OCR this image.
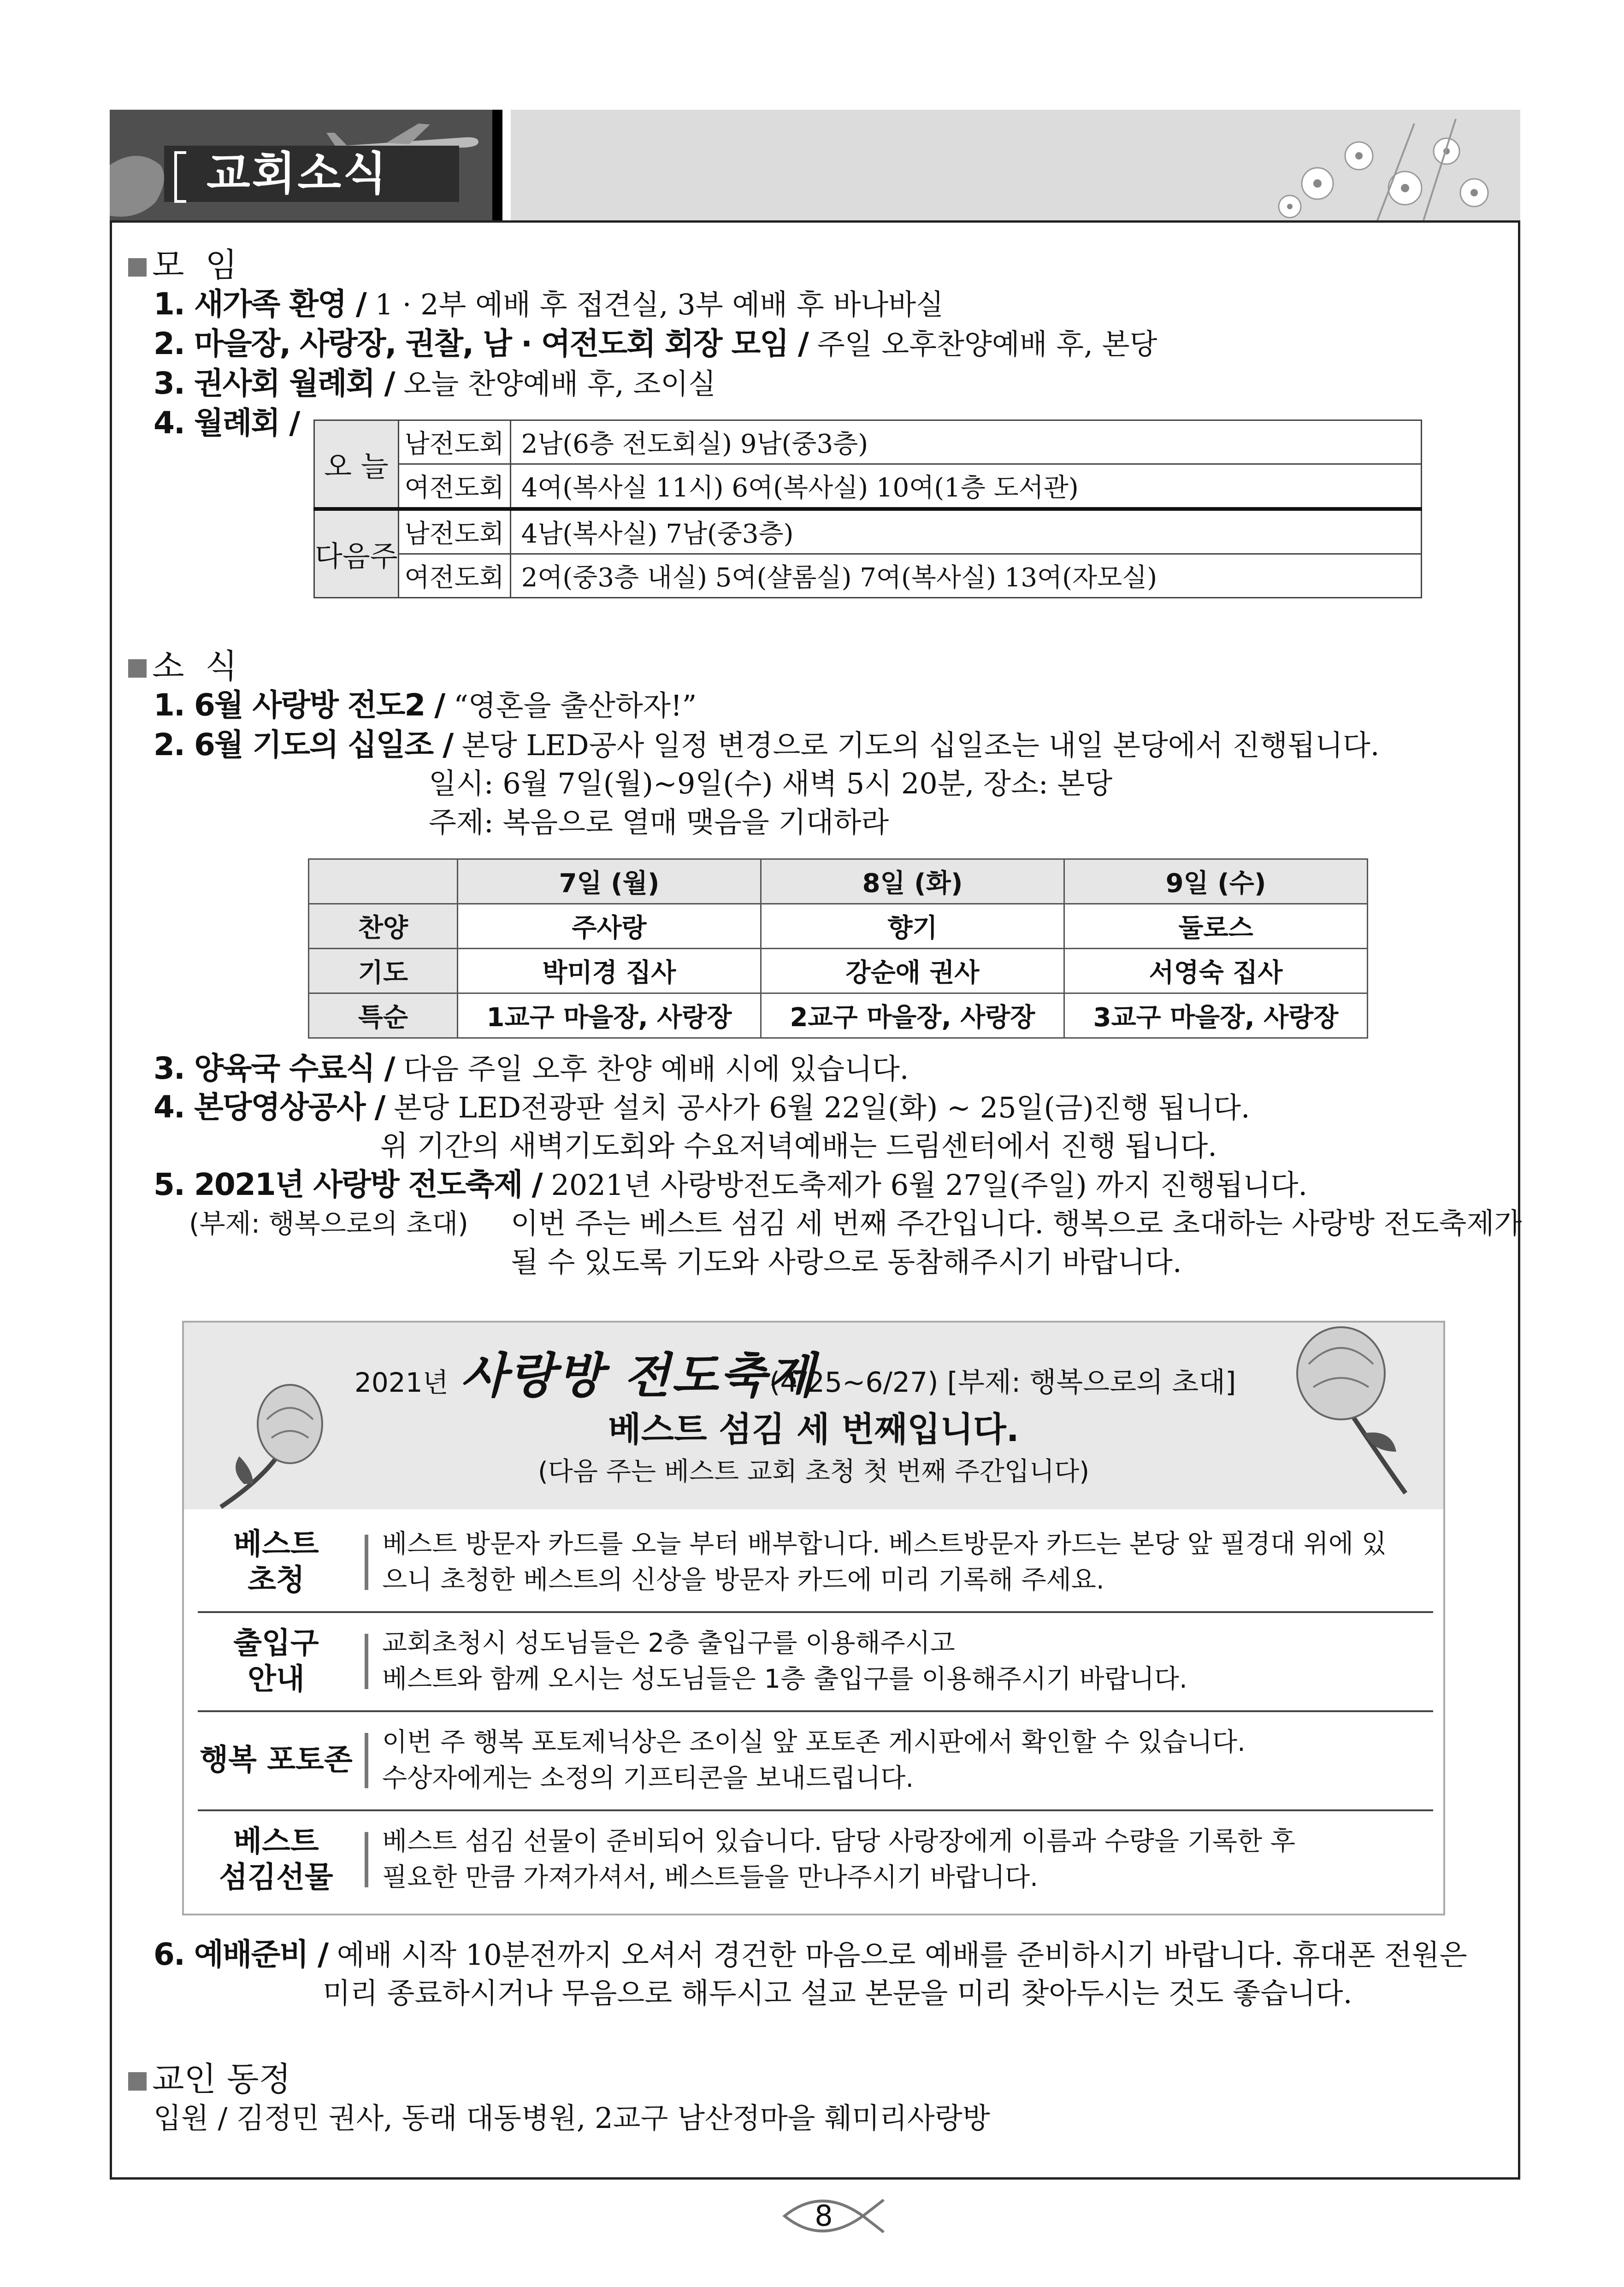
교회소식
모  임
1. 새가족 환영 / 1 · 2부 예배 후 접견실, 3부 예배 후 바나바실
2. 마을장, 사랑장, 권찰, 남 · 여전도회 회장 모임 / 주일 오후찬양예배 후, 본당
3. 권사회 월례회 / 오늘 찬양예배 후, 조이실
4. 월례회 /
오 늘	남전도회	2남(6층 전도회실) 9남(중3층)
	여전도회	4여(복사실 11시) 6여(복사실) 10여(1층 도서관)
다음주	남전도회	4남(복사실) 7남(중3층)
	여전도회	2여(중3층 내실) 5여(샬롬실) 7여(복사실) 13여(자모실)
소  식
1. 6월 사랑방 전도2 / “영혼을 출산하자!”
2. 6월 기도의 십일조 / 본당 LED공사 일정 변경으로 기도의 십일조는 내일 본당에서 진행됩니다.
일시: 6월 7일(월)~9일(수) 새벽 5시 20분, 장소: 본당
주제: 복음으로 열매 맺음을 기대하라
	7일 (월)	8일 (화)	9일 (수)
찬양	주사랑	향기	둘로스
기도	박미경 집사	강순애 권사	서영숙 집사
특순	1교구 마을장, 사랑장	2교구 마을장, 사랑장	3교구 마을장, 사랑장
3. 양육국 수료식 / 다음 주일 오후 찬양 예배 시에 있습니다.
4. 본당영상공사 / 본당 LED전광판 설치 공사가 6월 22일(화) ~ 25일(금)진행 됩니다.
위 기간의 새벽기도회와 수요저녁예배는 드림센터에서 진행 됩니다.
5. 2021년 사랑방 전도축제 / 2021년 사랑방전도축제가 6월 27일(주일) 까지 진행됩니다.
(부제: 행복으로의 초대) 이번 주는 베스트 섬김 세 번째 주간입니다. 행복으로 초대하는 사랑방 전도축제가
될 수 있도록 기도와 사랑으로 동참해주시기 바랍니다.
2021년 사랑방 전도축제
(4/25~6/27) [부제: 행복으로의 초대]
베스트 섬김 세 번째입니다.
(다음 주는 베스트 교회 초청 첫 번째 주간입니다)
베스트
초청
베스트 방문자 카드를 오늘 부터 배부합니다. 베스트방문자 카드는 본당 앞 필경대 위에 있
으니 초청한 베스트의 신상을 방문자 카드에 미리 기록해 주세요.
출입구
안내
교회초청시 성도님들은 2층 출입구를 이용해주시고
베스트와 함께 오시는 성도님들은 1층 출입구를 이용해주시기 바랍니다.
행복 포토존
이번 주 행복 포토제닉상은 조이실 앞 포토존 게시판에서 확인할 수 있습니다.
수상자에게는 소정의 기프티콘을 보내드립니다.
베스트
섬김선물
베스트 섬김 선물이 준비되어 있습니다. 담당 사랑장에게 이름과 수량을 기록한 후
필요한 만큼 가져가셔서, 베스트들을 만나주시기 바랍니다.
6. 예배준비 / 예배 시작 10분전까지 오셔서 경건한 마음으로 예배를 준비하시기 바랍니다. 휴대폰 전원은
미리 종료하시거나 무음으로 해두시고 설교 본문을 미리 찾아두시는 것도 좋습니다.
교인 동정
입원 / 김정민 권사, 동래 대동병원, 2교구 남산정마을 훼미리사랑방
8
